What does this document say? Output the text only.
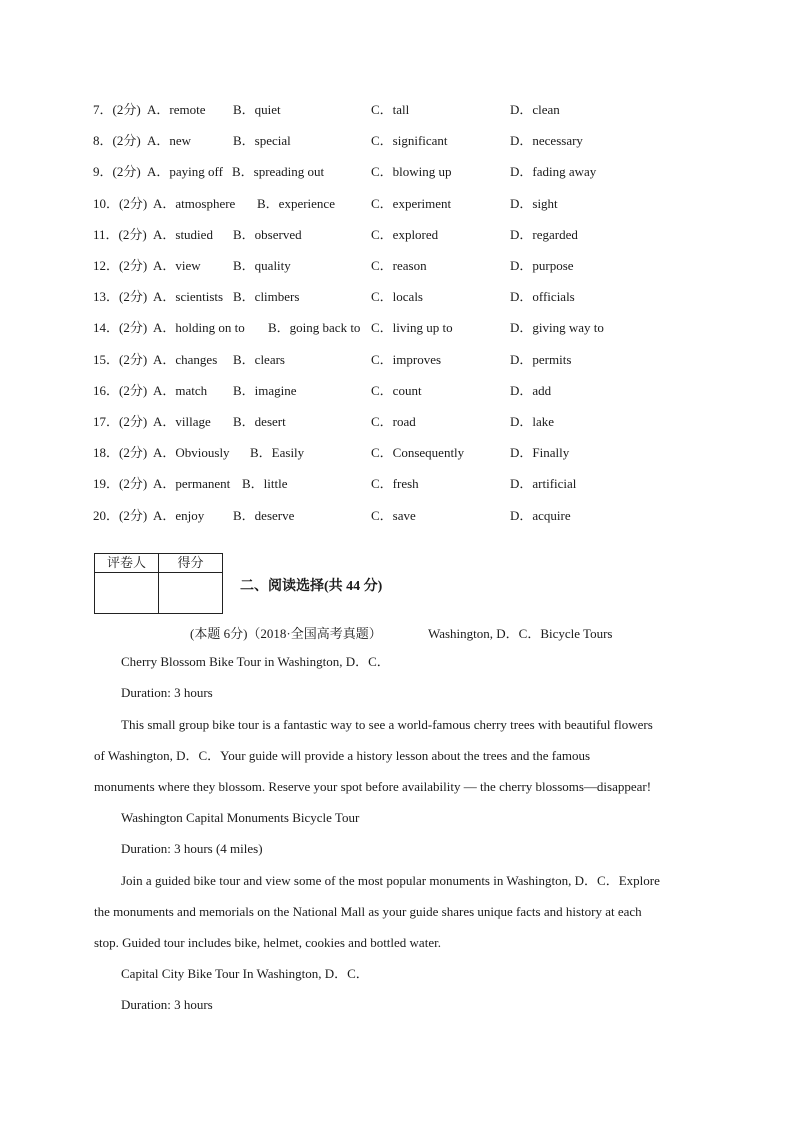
7．(2分) A．remote B．quiet	C．tall	D．clean
8．(2分) A．new	B．special	C．significant	D．necessary
9．(2分) A．paying off B．spreading out	C．blowing up	D．fading away
10．(2分) A．atmosphere B．experience	C．experiment	D．sight
11．(2分) A．studied B．observed	C．explored	D．regarded
12．(2分) A．view B．quality	C．reason	D．purpose
13．(2分) A．scientists B．climbers	C．locals	D．officials
14．(2分) A．holding on to B．going back to C．living up to	D．giving way to
15．(2分) A．changes B．clears	C．improves	D．permits
16．(2分) A．match B．imagine	C．count	D．add
17．(2分) A．village B．desert	C．road	D．lake
18．(2分) A．Obviously B．Easily	C．Consequently	D．Finally
19．(2分) A．permanent B．little	C．fresh	D．artificial
20．(2分) A．enjoy B．deserve	C．save	D．acquire
评卷人	得分

二、阅读选择(共 44 分)
(本题 6分)（2018·全国高考真题）	Washington, D．C．Bicycle Tours
Cherry Blossom Bike Tour in Washington, D．C．
Duration: 3 hours
This small group bike tour is a fantastic way to see a world-famous cherry trees with beautiful flowers
of Washington, D．C．Your guide will provide a history lesson about the trees and the famous
monuments where they blossom. Reserve your spot before availability — the cherry blossoms—disappear!
Washington Capital Monuments Bicycle Tour
Duration: 3 hours (4 miles)
Join a guided bike tour and view some of the most popular monuments in Washington, D．C．Explore
the monuments and memorials on the National Mall as your guide shares unique facts and history at each
stop. Guided tour includes bike, helmet, cookies and bottled water.
Capital City Bike Tour In Washington, D．C．
Duration: 3 hours
